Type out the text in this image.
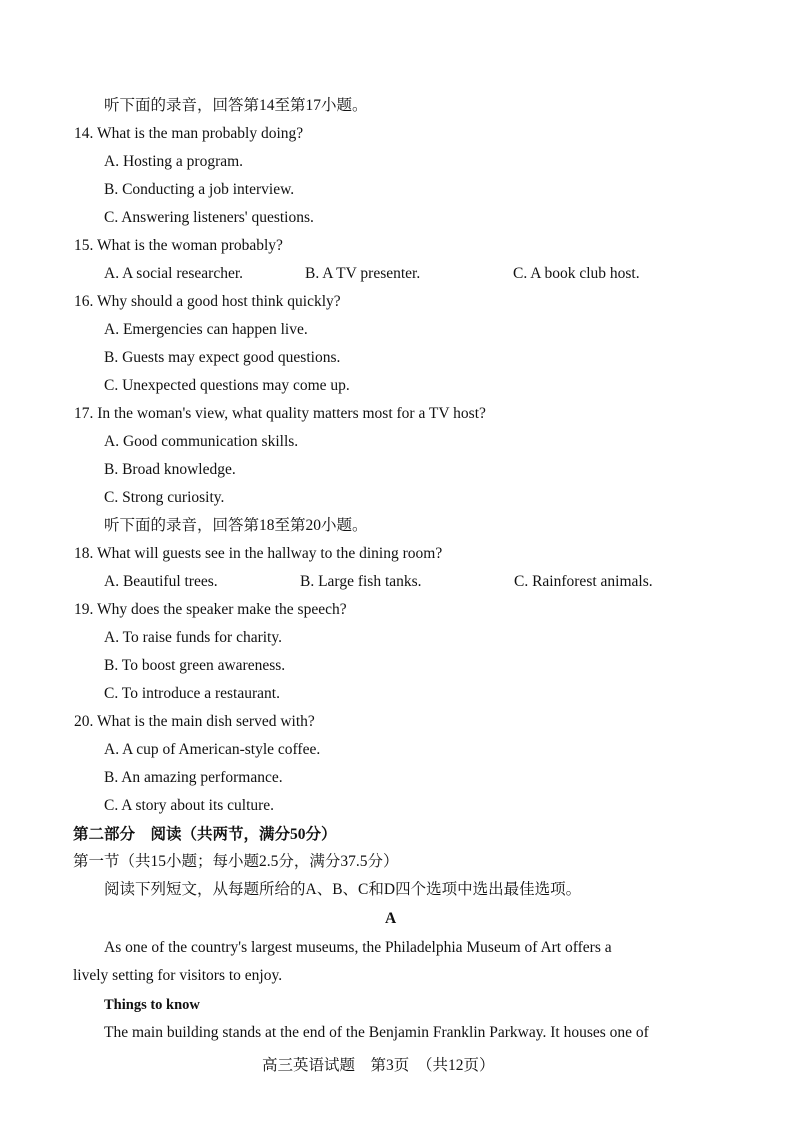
听下面的录音，回答第14至第17小题。
14. What is the man probably doing?
A. Hosting a program.
B. Conducting a job interview.
C. Answering listeners' questions.
15. What is the woman probably?
A. A social researcher.	B. A TV presenter.	C. A book club host.
16. Why should a good host think quickly?
A. Emergencies can happen live.
B. Guests may expect good questions.
C. Unexpected questions may come up.
17. In the woman's view, what quality matters most for a TV host?
A. Good communication skills.
B. Broad knowledge.
C. Strong curiosity.
听下面的录音，回答第18至第20小题。
18. What will guests see in the hallway to the dining room?
A. Beautiful trees.	B. Large fish tanks.	C. Rainforest animals.
19. Why does the speaker make the speech?
A. To raise funds for charity.
B. To boost green awareness.
C. To introduce a restaurant.
20. What is the main dish served with?
A. A cup of American-style coffee.
B. An amazing performance.
C. A story about its culture.
第二部分　阅读（共两节，满分50分）
第一节（共15小题；每小题2.5分，满分37.5分）
阅读下列短文，从每题所给的A、B、C和D四个选项中选出最佳选项。
A
As one of the country's largest museums, the Philadelphia Museum of Art offers a
lively setting for visitors to enjoy.
Things to know
The main building stands at the end of the Benjamin Franklin Parkway. It houses one of
高三英语试题　第3页　（共12页）
